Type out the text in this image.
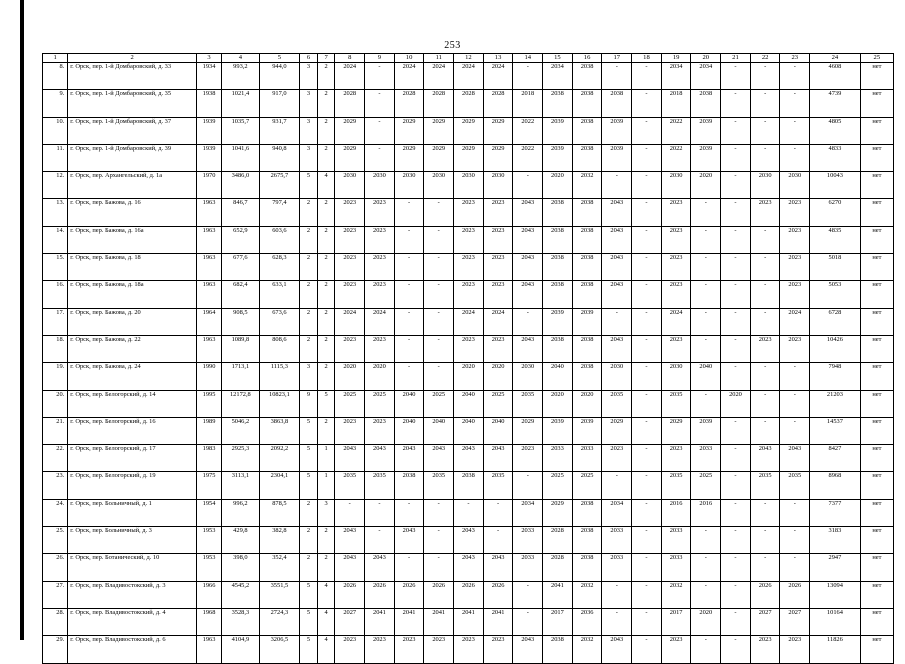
253
1	2	3	4	5	6	7	8	9	10	11	12	13	14	15	16	17	18	19	20	21	22	23	24	25
8.	г. Орск, пер. 1-й Домбаровский, д. 33	1934	993,2	944,0	3	2	2024	-	2024	2024	2024	2024	-	2034	2038	-	-	2034	2034	-	-	-	4608	нет
9.	г. Орск, пер. 1-й Домбаровский, д. 35	1938	1021,4	917,0	3	2	2028	-	2028	2028	2028	2028	2018	2038	2038	2038	-	2018	2038	-	-	-	4739	нет
10.	г. Орск, пер. 1-й Домбаровский, д. 37	1939	1035,7	931,7	3	2	2029	-	2029	2029	2029	2029	2022	2039	2038	2039	-	2022	2039	-	-	-	4805	нет
11.	г. Орск, пер. 1-й Домбаровский, д. 39	1939	1041,6	940,8	3	2	2029	-	2029	2029	2029	2029	2022	2039	2038	2039	-	2022	2039	-	-	-	4833	нет
12.	г. Орск, пер. Архангельский, д. 1а	1970	3486,0	2675,7	5	4	2030	2030	2030	2030	2030	2030	-	2020	2032	-	-	2030	2020	-	2030	2030	10043	нет
13.	г. Орск, пер. Бажова, д. 16	1963	846,7	797,4	2	2	2023	2023	-	-	2023	2023	2043	2038	2038	2043	-	2023	-	-	2023	2023	6270	нет
14.	г. Орск, пер. Бажова, д. 16а	1963	652,9	603,6	2	2	2023	2023	-	-	2023	2023	2043	2038	2038	2043	-	2023	-	-	-	2023	4835	нет
15.	г. Орск, пер. Бажова, д. 18	1963	677,6	628,3	2	2	2023	2023	-	-	2023	2023	2043	2038	2038	2043	-	2023	-	-	-	2023	5018	нет
16.	г. Орск, пер. Бажова, д. 18а	1963	682,4	633,1	2	2	2023	2023	-	-	2023	2023	2043	2038	2038	2043	-	2023	-	-	-	2023	5053	нет
17.	г. Орск, пер. Бажова, д. 20	1964	908,5	673,6	2	2	2024	2024	-	-	2024	2024	-	2039	2039	-	-	2024	-	-	-	2024	6728	нет
18.	г. Орск, пер. Бажова, д. 22	1963	1089,8	808,6	2	2	2023	2023	-	-	2023	2023	2043	2038	2038	2043	-	2023	-	-	2023	2023	10426	нет
19.	г. Орск, пер. Бажова, д. 24	1990	1713,1	1115,3	3	2	2020	2020	-	-	2020	2020	2030	2040	2038	2030	-	2030	2040	-	-	-	7948	нет
20.	г. Орск, пер. Белогорский, д. 14	1995	12172,8	10823,1	9	5	2025	2025	2040	2025	2040	2025	2035	2020	2020	2035	-	2035	-	2020	-	-	21203	нет
21.	г. Орск, пер. Белогорский, д. 16	1989	5046,2	3863,8	5	2	2023	2023	2040	2040	2040	2040	2029	2039	2039	2029	-	2029	2039	-	-	-	14537	нет
22.	г. Орск, пер. Белогорский, д. 17	1983	2925,3	2092,2	5	1	2043	2043	2043	2043	2043	2043	2023	2033	2033	2023	-	2023	2033	-	2043	2043	8427	нет
23.	г. Орск, пер. Белогорский, д. 19	1975	3113,1	2304,1	5	1	2035	2035	2038	2035	2038	2035	-	2025	2025	-	-	2035	2025	-	2035	2035	8968	нет
24.	г. Орск, пер. Больничный, д. 1	1954	996,2	878,5	2	3	-	-	-	-	-	-	2034	2029	2038	2034	-	2016	2016	-	-	-	7377	нет
25.	г. Орск, пер. Больничный, д. 3	1953	429,8	382,8	2	2	2043	-	2043	-	2043	-	2033	2028	2038	2033	-	2033	-	-	-	-	3183	нет
26.	г. Орск, пер. Ботанический, д. 10	1953	398,0	352,4	2	2	2043	2043	-	-	2043	2043	2033	2028	2038	2033	-	2033	-	-	-	-	2947	нет
27.	г. Орск, пер. Владивостокский, д. 3	1966	4545,2	3551,5	5	4	2026	2026	2026	2026	2026	2026	-	2041	2032	-	-	2032	-	-	2026	2026	13094	нет
28.	г. Орск, пер. Владивостокский, д. 4	1968	3528,3	2724,3	5	4	2027	2041	2041	2041	2041	2041	-	2017	2036	-	-	2017	2020	-	2027	2027	10164	нет
29.	г. Орск, пер. Владивостокский, д. 6	1963	4104,9	3206,5	5	4	2023	2023	2023	2023	2023	2023	2043	2038	2032	2043	-	2023	-	-	2023	2023	11826	нет
